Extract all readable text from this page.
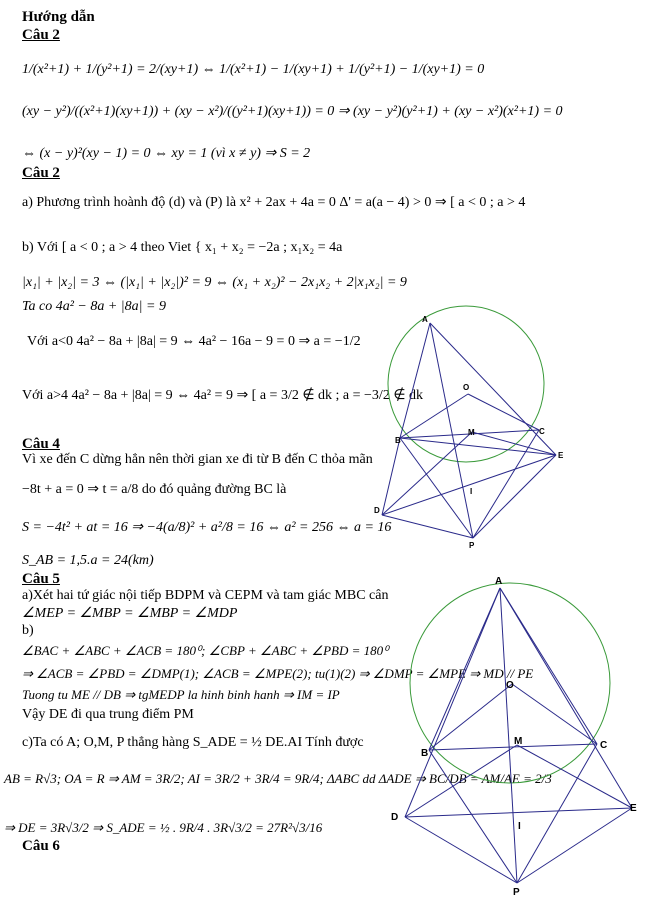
Hướng dẫn
Câu 2
1/(x²+1) + 1/(y²+1) = 2/(xy+1) ⇔ 1/(x²+1) − 1/(xy+1) + 1/(y²+1) − 1/(xy+1) = 0
(xy − y²)/((x²+1)(xy+1)) + (xy − x²)/((y²+1)(xy+1)) = 0 ⇒ (xy − y²)(y²+1) + (xy − x²)(x²+1) = 0
⇔ (x − y)²(xy − 1) = 0 ⇔ xy = 1 (vì x ≠ y) ⇒ S = 2
Câu 2
a) Phương trình hoành độ (d) và (P) là x² + 2ax + 4a = 0 Δ' = a(a − 4) > 0 ⇒ [ a < 0 ; a > 4
b) Với [ a < 0 ; a > 4 theo Viet { x₁ + x₂ = −2a ; x₁x₂ = 4a
|x₁| + |x₂| = 3 ⇔ (|x₁| + |x₂|)² = 9 ⇔ (x₁ + x₂)² − 2x₁x₂ + 2|x₁x₂| = 9
Ta co 4a² − 8a + |8a| = 9
Với a<0 4a² − 8a + |8a| = 9 ⇔ 4a² − 16a − 9 = 0 ⇒ a = −1/2
Với a>4 4a² − 8a + |8a| = 9 ⇔ 4a² = 9 ⇒ [ a = 3/2 ∉ dk ; a = −3/2 ∉ dk
Câu 4
Vì xe đến C dừng hẳn nên thời gian xe đi từ B đến C thỏa mãn
−8t + a = 0 ⇒ t = a/8 do đó quảng đường BC là
S = −4t² + at = 16 ⇒ −4(a/8)² + a²/8 = 16 ⇔ a² = 256 ⇔ a = 16
S_AB = 1,5.a = 24(km)
Câu 5
a)Xét hai tứ giác nội tiếp BDPM và CEPM và tam giác MBC cân
∠MEP = ∠MBP = ∠MBP = ∠MDP
b)
∠BAC + ∠ABC + ∠ACB = 180⁰; ∠CBP + ∠ABC + ∠PBD = 180⁰
⇒ ∠ACB = ∠PBD = ∠DMP(1); ∠ACB = ∠MPE(2); tu(1)(2) ⇒ ∠DMP = ∠MPE ⇒ MD // PE
Tuong tu ME // DB ⇒ tgMEDP la hinh binh hanh ⇒ IM = IP
Vậy DE đi qua trung điểm PM
c)Ta có A; O,M, P thẳng hàng S_ADE = ½ DE.AI Tính được
AB = R√3; OA = R ⇒ AM = 3R/2; AI = 3R/2 + 3R/4 = 9R/4; ΔABC dd ΔADE ⇒ BC/DB = AM/AE = 2/3
⇒ DE = 3R√3/2 ⇒ S_ADE = ½ . 9R/4 . 3R√3/2 = 27R²√3/16
Câu 6
A
O
B
M	C
E
I
D
P
A
O
B
M	C
E
I
D
P
